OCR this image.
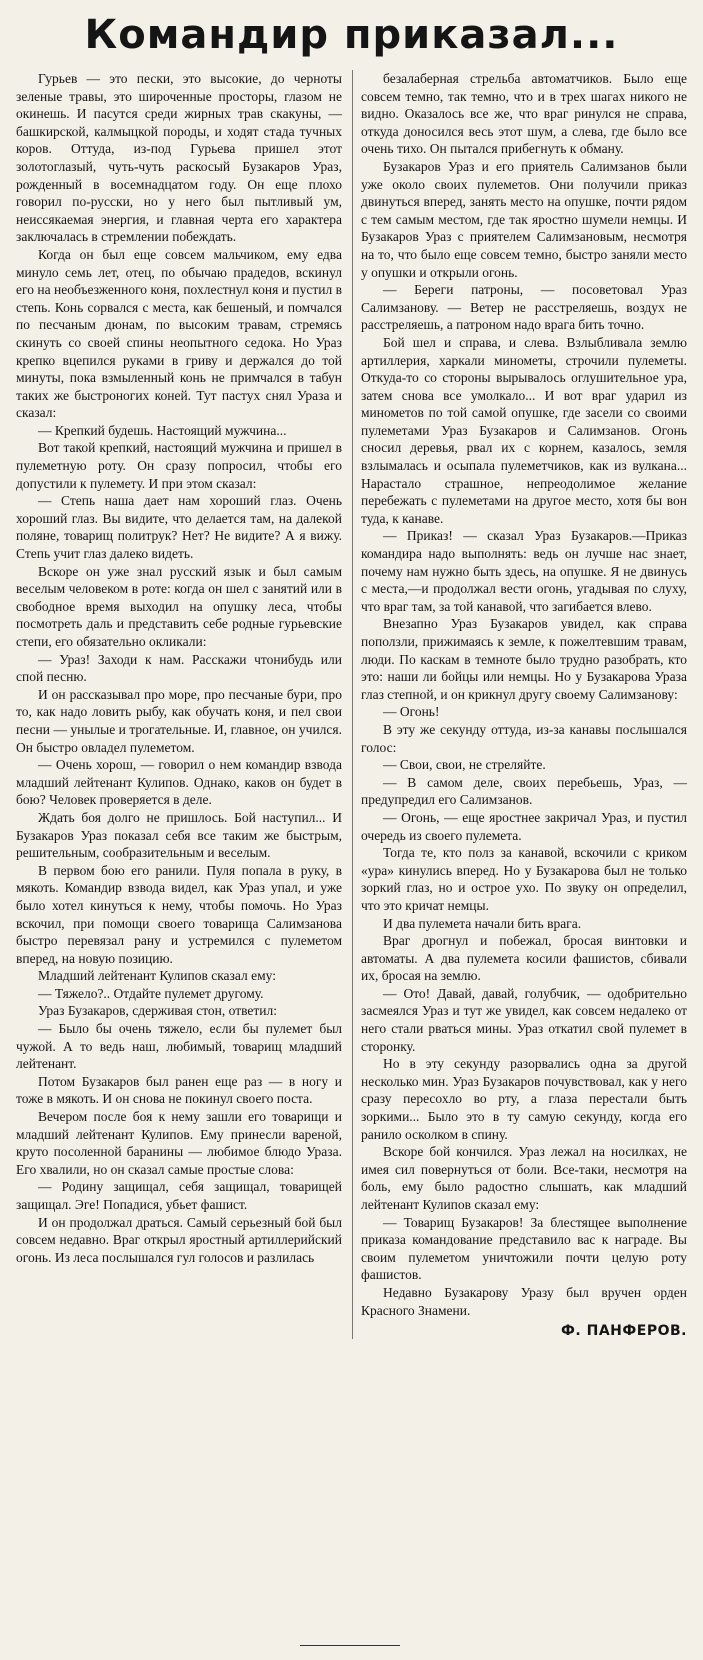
Командир приказал...

Гурьев — это пески, это высокие, до черноты зеленые травы, это широченные просторы, глазом не окинешь. И пасутся среди жирных трав скакуны, — башкирской, калмыцкой породы, и ходят стада тучных коров. Оттуда, из-под Гурьева пришел этот золотоглазый, чуть-чуть раскосый Бузакаров Ураз, рожденный в восемнадцатом году. Он еще плохо говорил по-русски, но у него был пытливый ум, неиссякаемая энергия, и главная черта его характера заключалась в стремлении побеждать.

Когда он был еще совсем мальчиком, ему едва минуло семь лет, отец, по обычаю прадедов, вскинул его на необъезженного коня, похлестнул коня и пустил в степь. Конь сорвался с места, как бешеный, и помчался по песчаным дюнам, по высоким травам, стремясь скинуть со своей спины неопытного седока. Но Ураз крепко вцепился руками в гриву и держался до той минуты, пока взмыленный конь не примчался в табун таких же быстроногих коней. Тут пастух снял Ураза и сказал:

— Крепкий будешь. Настоящий мужчина...

Вот такой крепкий, настоящий мужчина и пришел в пулеметную роту. Он сразу попросил, чтобы его допустили к пулемету. И при этом сказал:

— Степь наша дает нам хороший глаз. Очень хороший глаз. Вы видите, что делается там, на далекой поляне, товарищ политрук? Нет? Не видите? А я вижу. Степь учит глаз далеко видеть.

Вскоре он уже знал русский язык и был самым веселым человеком в роте: когда он шел с занятий или в свободное время выходил на опушку леса, чтобы посмотреть даль и представить себе родные гурьевские степи, его обязательно окликали:

— Ураз! Заходи к нам. Расскажи чтонибудь или спой песню.

И он рассказывал про море, про песчаные бури, про то, как надо ловить рыбу, как обучать коня, и пел свои песни — унылые и трогательные. И, главное, он учился. Он быстро овладел пулеметом.

— Очень хорош, — говорил о нем командир взвода младший лейтенант Кулипов. Однако, каков он будет в бою? Человек проверяется в деле.

Ждать боя долго не пришлось. Бой наступил... И Бузакаров Ураз показал себя все таким же быстрым, решительным, сообразительным и веселым.

В первом бою его ранили. Пуля попала в руку, в мякоть. Командир взвода видел, как Ураз упал, и уже было хотел кинуться к нему, чтобы помочь. Но Ураз вскочил, при помощи своего товарища Салимзанова быстро перевязал рану и устремился с пулеметом вперед, на новую позицию.

Младший лейтенант Кулипов сказал ему:

— Тяжело?.. Отдайте пулемет другому.

Ураз Бузакаров, сдерживая стон, ответил:

— Было бы очень тяжело, если бы пулемет был чужой. А то ведь наш, любимый, товарищ младший лейтенант.

Потом Бузакаров был ранен еще раз — в ногу и тоже в мякоть. И он снова не покинул своего поста.

Вечером после боя к нему зашли его товарищи и младший лейтенант Кулипов. Ему принесли вареной, круто посоленной баранины — любимое блюдо Ураза. Его хвалили, но он сказал самые простые слова:

— Родину защищал, себя защищал, товарищей защищал. Эге! Попадися, убьет фашист.

И он продолжал драться. Самый серьезный бой был совсем недавно. Враг открыл яростный артиллерийский огонь. Из леса послышался гул голосов и разлилась

безалаберная стрельба автоматчиков. Было еще совсем темно, так темно, что и в трех шагах никого не видно. Оказалось все же, что враг ринулся не справа, откуда доносился весь этот шум, а слева, где было все очень тихо. Он пытался прибегнуть к обману.

Бузакаров Ураз и его приятель Салимзанов были уже около своих пулеметов. Они получили приказ двинуться вперед, занять место на опушке, почти рядом с тем самым местом, где так яростно шумели немцы. И Бузакаров Ураз с приятелем Салимзановым, несмотря на то, что было еще совсем темно, быстро заняли место у опушки и открыли огонь.

— Береги патроны, — посоветовал Ураз Салимзанову. — Ветер не расстреляешь, воздух не расстреляешь, а патроном надо врага бить точно.

Бой шел и справа, и слева. Взлыбливала землю артиллерия, харкали минометы, строчили пулеметы. Откуда-то со стороны вырывалось оглушительное ура, затем снова все умолкало... И вот враг ударил из минометов по той самой опушке, где засели со своими пулеметами Ураз Бузакаров и Салимзанов. Огонь сносил деревья, рвал их с корнем, казалось, земля взлымалась и осыпала пулеметчиков, как из вулкана... Нарастало страшное, непреодолимое желание перебежать с пулеметами на другое место, хотя бы вон туда, к канаве.

— Приказ! — сказал Ураз Бузакаров.—Приказ командира надо выполнять: ведь он лучше нас знает, почему нам нужно быть здесь, на опушке. Я не двинусь с места,—и продолжал вести огонь, угадывая по слуху, что враг там, за той канавой, что загибается влево.

Внезапно Ураз Бузакаров увидел, как справа поползли, прижимаясь к земле, к пожелтевшим травам, люди. По каскам в темноте было трудно разобрать, кто это: наши ли бойцы или немцы. Но у Бузакарова Ураза глаз степной, и он крикнул другу своему Салимзанову:

— Огонь!

В эту же секунду оттуда, из-за канавы послышался голос:

— Свои, свои, не стреляйте.

— В самом деле, своих перебьешь, Ураз, — предупредил его Салимзанов.

— Огонь, — еще яростнее закричал Ураз, и пустил очередь из своего пулемета.

Тогда те, кто полз за канавой, вскочили с криком «ура» кинулись вперед. Но у Бузакарова был не только зоркий глаз, но и острое ухо. По звуку он определил, что это кричат немцы.

И два пулемета начали бить врага.

Враг дрогнул и побежал, бросая винтовки и автоматы. А два пулемета косили фашистов, сбивали их, бросая на землю.

— Ото! Давай, давай, голубчик, — одобрительно засмеялся Ураз и тут же увидел, как совсем недалеко от него стали рваться мины. Ураз откатил свой пулемет в сторонку.

Но в эту секунду разорвались одна за другой несколько мин. Ураз Бузакаров почувствовал, как у него сразу пересохло во рту, а глаза перестали быть зоркими... Было это в ту самую секунду, когда его ранило осколком в спину.

Вскоре бой кончился. Ураз лежал на носилках, не имея сил повернуться от боли. Все-таки, несмотря на боль, ему было радостно слышать, как младший лейтенант Кулипов сказал ему:

— Товарищ Бузакаров! За блестящее выполнение приказа командование представило вас к награде. Вы своим пулеметом уничтожили почти целую роту фашистов.

Недавно Бузакарову Уразу был вручен орден Красного Знамени.

Ф. ПАНФЕРОВ.
